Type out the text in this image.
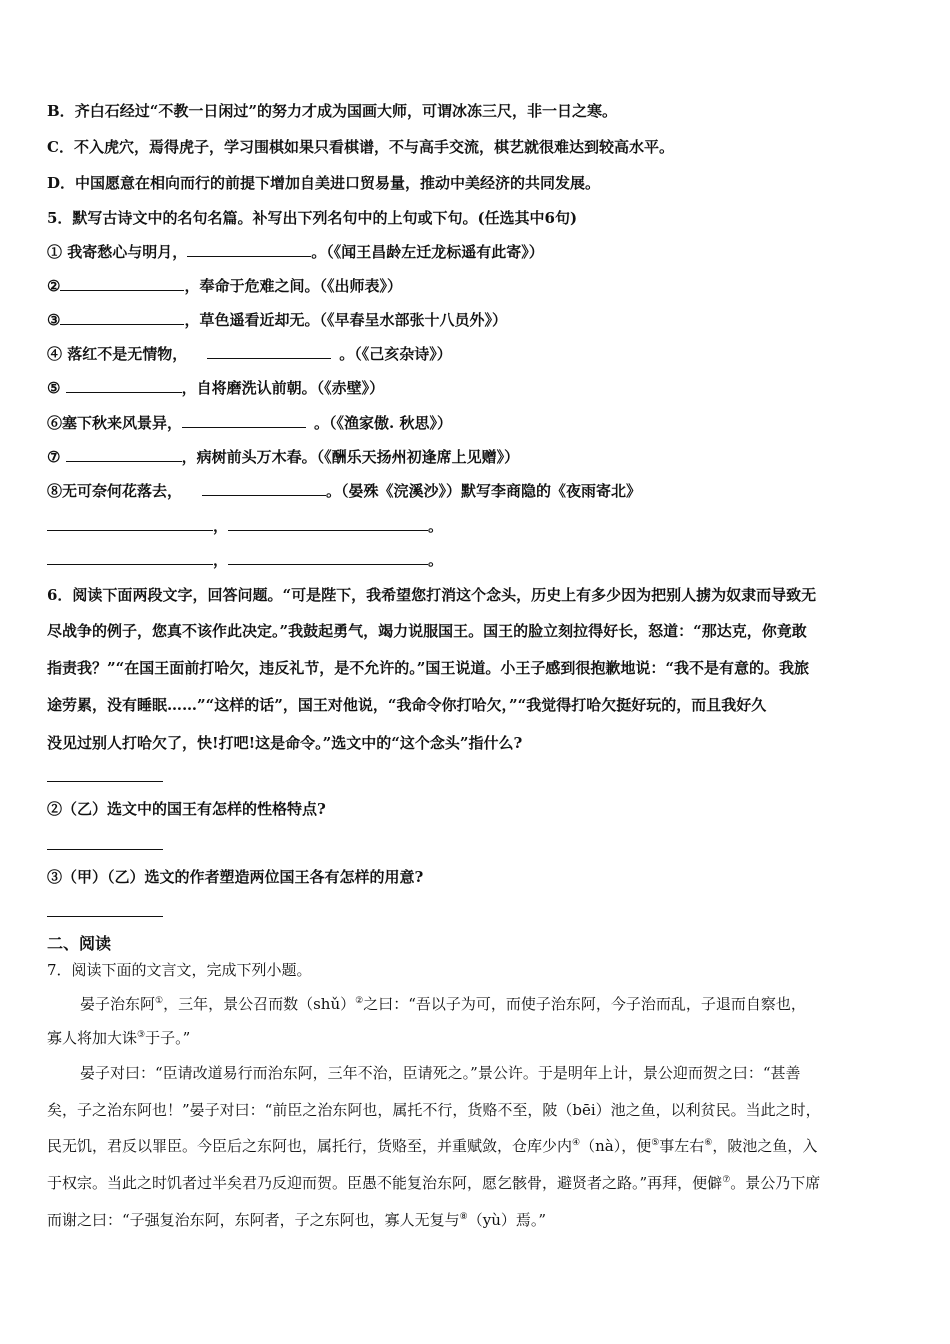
B．齐白石经过“不教一日闲过”的努力才成为国画大师，可谓冰冻三尺，非一日之寒。
C．不入虎穴，焉得虎子，学习围棋如果只看棋谱，不与高手交流，棋艺就很难达到较高水平。
D．中国愿意在相向而行的前提下增加自美进口贸易量，推动中美经济的共同发展。
5．默写古诗文中的名句名篇。补写出下列名句中的上句或下句。(任选其中6句)
① 我寄愁心与明月，	。（《闻王昌龄左迁龙标遥有此寄》）
②	，奉命于危难之间。（《出师表》）
③	，草色遥看近却无。（《早春呈水部张十八员外》）
④ 落红不是无情物，	。（《己亥杂诗》）
⑤	，自将磨洗认前朝。（《赤壁》）
⑥塞下秋来风景异，	。（《渔家傲. 秋思》）
⑦	，病树前头万木春。（《酬乐天扬州初逢席上见赠》）
⑧无可奈何花落去，	。（晏殊《浣溪沙》）默写李商隐的《夜雨寄北》
，	。
，	。
6．阅读下面两段文字，回答问题。“可是陛下，我希望您打消这个念头，历史上有多少因为把别人掳为奴隶而导致无
尽战争的例子，您真不该作此决定。”我鼓起勇气，竭力说服国王。国王的脸立刻拉得好长，怒道：“那达克，你竟敢
指责我？”“在国王面前打哈欠，违反礼节，是不允许的。”国王说道。小王子感到很抱歉地说：“我不是有意的。我旅
途劳累，没有睡眠……”“这样的话”，国王对他说，“我命令你打哈欠，”“我觉得打哈欠挺好玩的，而且我好久
没见过别人打哈欠了，快!打吧!这是命令。”选文中的“这个念头”指什么?
②（乙）选文中的国王有怎样的性格特点?
③（甲）（乙）选文的作者塑造两位国王各有怎样的用意?
二、阅读
7．阅读下面的文言文，完成下列小题。
晏子治东阿①，三年，景公召而数（shǔ）②之曰：“吾以子为可，而使子治东阿，今子治而乱，子退而自察也，
寡人将加大诛③于子。”
晏子对曰：“臣请改道易行而治东阿，三年不治，臣请死之。”景公许。于是明年上计，景公迎而贺之曰：“甚善
矣，子之治东阿也！”晏子对曰：“前臣之治东阿也，属托不行，货赂不至，陂（bēi）池之鱼，以利贫民。当此之时，
民无饥，君反以罪臣。今臣后之东阿也，属托行，货赂至，并重赋敛，仓库少内④（nà），便⑤事左右⑥，陂池之鱼，入
于权宗。当此之时饥者过半矣君乃反迎而贺。臣愚不能复治东阿，愿乞骸骨，避贤者之路。”再拜，便僻⑦。景公乃下席
而谢之曰：“子强复治东阿，东阿者，子之东阿也，寡人无复与⑧（yù）焉。”
